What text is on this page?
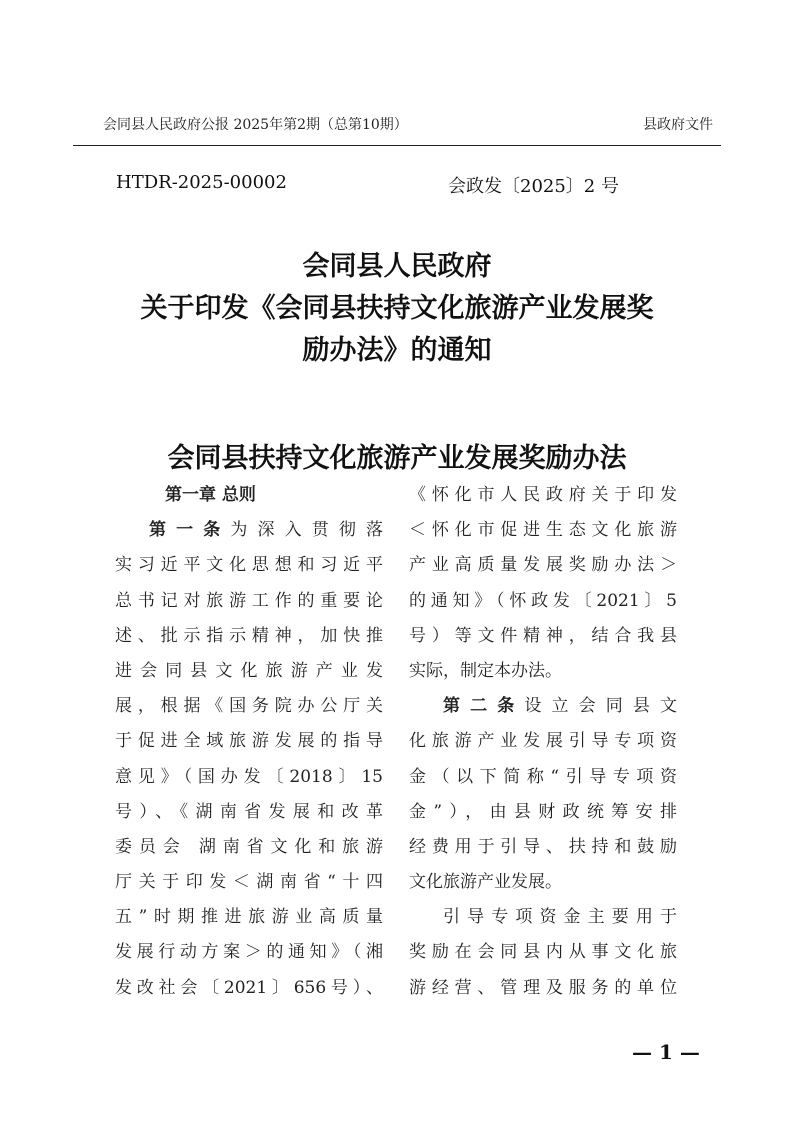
会同县人民政府公报 2025年第2期（总第10期）	县政府文件
HTDR-2025-00002	会政发〔2025〕2 号
会同县人民政府
关于印发《会同县扶持文化旅游产业发展奖
励办法》的通知
会同县扶持文化旅游产业发展奖励办法
第一章 总则
第一条为深入贯彻落
实习近平文化思想和习近平
总书记对旅游工作的重要论
述、批示指示精神，加快推
进会同县文化旅游产业发
展，根据《国务院办公厅关
于促进全域旅游发展的指导
意见》（国办发〔2018〕15
号）、《湖南省发展和改革
委员会 湖南省文化和旅游
厅关于印发＜湖南省“十四
五”时期推进旅游业高质量
发展行动方案＞的通知》（湘
发改社会〔2021〕656号）、
《怀化市人民政府关于印发
＜怀化市促进生态文化旅游
产业高质量发展奖励办法＞
的通知》（怀政发〔2021〕5
号）等文件精神，结合我县
实际，制定本办法。
第二条设立会同县文
化旅游产业发展引导专项资
金（以下简称“引导专项资
金”），由县财政统筹安排
经费用于引导、扶持和鼓励
文化旅游产业发展。
引导专项资金主要用于
奖励在会同县内从事文化旅
游经营、管理及服务的单位
— 1 —
